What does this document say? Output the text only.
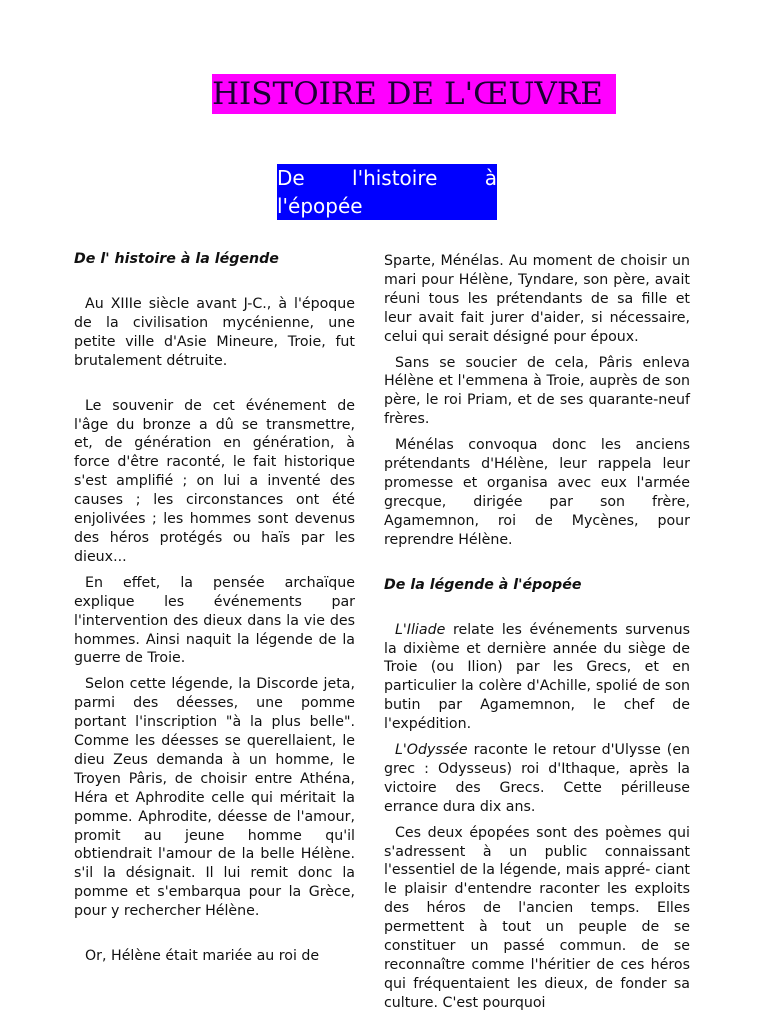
HISTOIRE DE L'ŒUVRE
De l'histoire à l'épopée
De l' histoire à la légende

Au XIIIe siècle avant J-C., à l'époque de la civilisation mycénienne, une petite ville d'Asie Mineure, Troie, fut brutalement détruite.

Le souvenir de cet événement de l'âge du bronze a dû se transmettre, et, de génération en génération, à force d'être raconté, le fait historique s'est amplifié ; on lui a inventé des causes ; les circonstances ont été enjolivées ; les hommes sont devenus des héros protégés ou haïs par les dieux...

En effet, la pensée archaïque explique les événements par l'intervention des dieux dans la vie des hommes. Ainsi naquit la légende de la guerre de Troie.

Selon cette légende, la Discorde jeta, parmi des déesses, une pomme portant l'inscription "à la plus belle". Comme les déesses se querellaient, le dieu Zeus demanda à un homme, le Troyen Pâris, de choisir entre Athéna, Héra et Aphrodite celle qui méritait la pomme. Aphrodite, déesse de l'amour, promit au jeune homme qu'il obtiendrait l'amour de la belle Hélène. s'il la désignait. Il lui remit donc la pomme et s'embarqua pour la Grèce, pour y rechercher Hélène.

Or, Hélène était mariée au roi de

Sparte, Ménélas. Au moment de choisir un mari pour Hélène, Tyndare, son père, avait réuni tous les prétendants de sa fille et leur avait fait jurer d'aider, si nécessaire, celui qui serait désigné pour époux.

Sans se soucier de cela, Pâris enleva Hélène et l'emmena à Troie, auprès de son père, le roi Priam, et de ses quarante-neuf frères.

Ménélas convoqua donc les anciens prétendants d'Hélène, leur rappela leur promesse et organisa avec eux l'armée grecque, dirigée par son frère, Agamemnon, roi de Mycènes, pour reprendre Hélène.

De la légende à l'épopée

L'Iliade relate les événements survenus la dixième et dernière année du siège de Troie (ou Ilion) par les Grecs, et en particulier la colère d'Achille, spolié de son butin par Agamemnon, le chef de l'expédition.

L'Odyssée raconte le retour d'Ulysse (en grec : Odysseus) roi d'Ithaque, après la victoire des Grecs. Cette périlleuse errance dura dix ans.

Ces deux épopées sont des poèmes qui s'adressent à un public connaissant l'essentiel de la légende, mais appré- ciant le plaisir d'entendre raconter les exploits des héros de l'ancien temps. Elles permettent à tout un peuple de se constituer un passé commun. de se reconnaître comme l'héritier de ces héros qui fréquentaient les dieux, de fonder sa culture. C'est pourquoi
